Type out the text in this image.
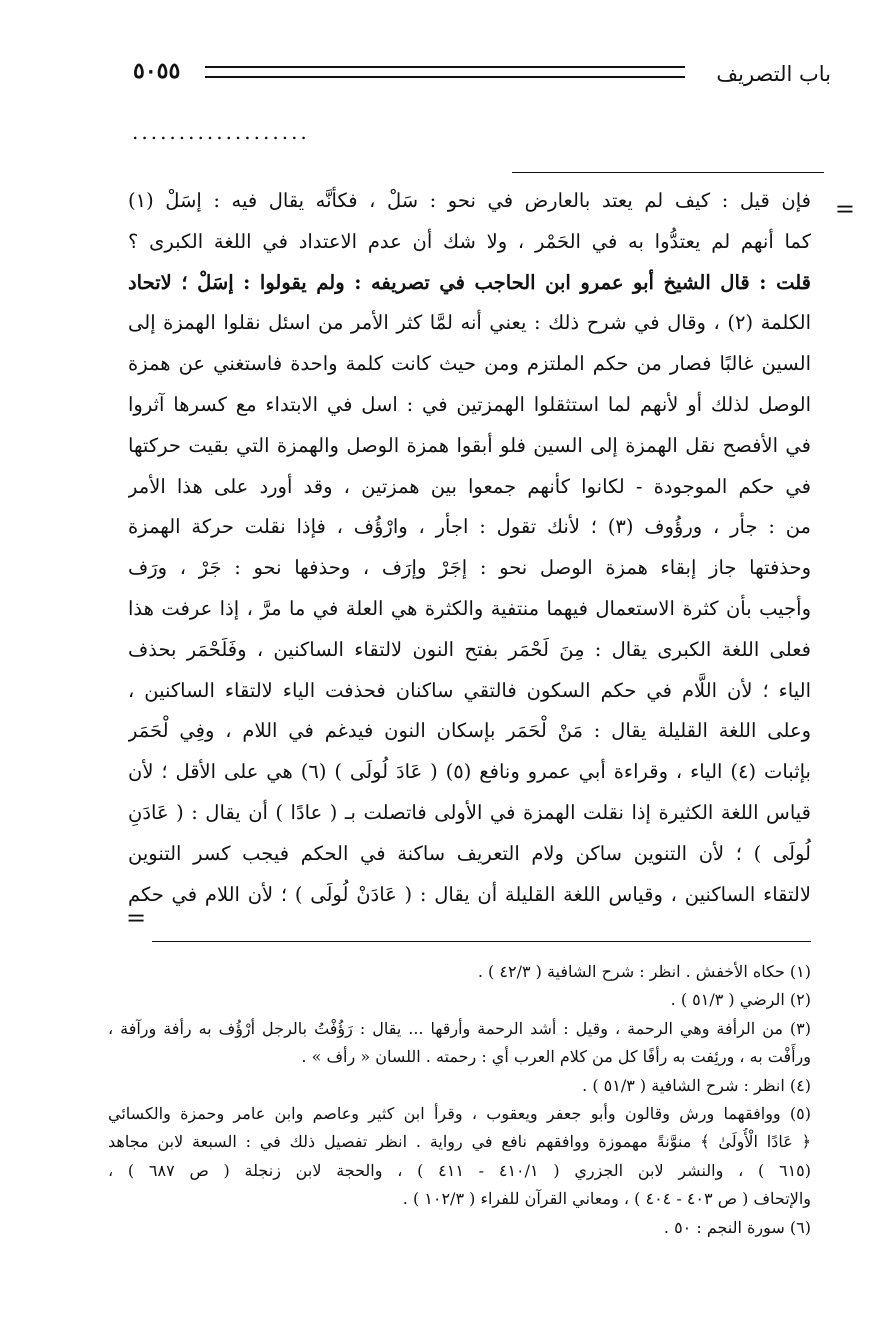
باب التصريف
٥٠٥٥
...................
=
فإن قيل : كيف لم يعتد بالعارض في نحو : سَلْ ، فكأنَّه يقال فيه : إسَلْ (١)
كما أنهم لم يعتدُّوا به في الحَمْر ، ولا شك أن عدم الاعتداد في اللغة الكبرى ؟
قلت : قال الشيخ أبو عمرو ابن الحاجب في تصريفه : ولم يقولوا : إسَلْ ؛ لاتحاد
الكلمة (٢) ، وقال في شرح ذلك : يعني أنه لمَّا كثر الأمر من اسئل نقلوا الهمزة إلى
السين غالبًا فصار من حكم الملتزم ومن حيث كانت كلمة واحدة فاستغني عن همزة
الوصل لذلك أو لأنهم لما استثقلوا الهمزتين في : اسل في الابتداء مع كسرها آثروا
في الأفصح نقل الهمزة إلى السين فلو أبقوا همزة الوصل والهمزة التي بقيت حركتها
في حكم الموجودة - لكانوا كأنهم جمعوا بين همزتين ، وقد أورد على هذا الأمر
من : جأر ، ورؤُوف (٣) ؛ لأنك تقول : اجأر ، وارْؤُف ، فإذا نقلت حركة الهمزة
وحذفتها جاز إبقاء همزة الوصل نحو : إجَرْ وإرَف ، وحذفها نحو : جَرْ ، ورَف
وأجيب بأن كثرة الاستعمال فيهما منتفية والكثرة هي العلة في ما مرَّ ، إذا عرفت هذا
فعلى اللغة الكبرى يقال : مِنَ لَحْمَر بفتح النون لالتقاء الساكنين ، وفَلَحْمَر بحذف
الياء ؛ لأن اللَّام في حكم السكون فالتقي ساكنان فحذفت الياء لالتقاء الساكنين ،
وعلى اللغة القليلة يقال : مَنْ لْحَمَر بإسكان النون فيدغم في اللام ، وفِي لْحَمَر
بإثبات (٤) الياء ، وقراءة أبي عمرو ونافع (٥) ( عَادَ لُولَى ) (٦) هي على الأقل ؛ لأن
قياس اللغة الكثيرة إذا نقلت الهمزة في الأولى فاتصلت بـ ( عادًا ) أن يقال : ( عَادَنِ
لُولَى ) ؛ لأن التنوين ساكن ولام التعريف ساكنة في الحكم فيجب كسر التنوين
لالتقاء الساكنين ، وقياس اللغة القليلة أن يقال : ( عَادَنْ لُولَى ) ؛ لأن اللام في حكم
=
(١) حكاه الأخفش . انظر : شرح الشافية ( ٤٢/٣ ) .
(٢) الرضي ( ٥١/٣ ) .
(٣) من الرأفة وهي الرحمة ، وقيل : أشد الرحمة وأرقها ... يقال : رَؤُفْتُ بالرجل أرْؤُف به رأفة ورآفة ،
ورأَفْت به ، ورئِفت به رأفًا كل من كلام العرب أي : رحمته . اللسان « رأف » .
(٤) انظر : شرح الشافية ( ٥١/٣ ) .
(٥) ووافقهما ورش وقالون وأبو جعفر ويعقوب ، وقرأ ابن كثير وعاصم وابن عامر وحمزة والكسائي
﴿ عَادًا الْأُولَىٰ ﴾ منوَّنةً مهموزة ووافقهم نافع في رواية . انظر تفصيل ذلك في : السبعة لابن مجاهد
(٦١٥ ) ، والنشر لابن الجزري ( ٤١٠/١ - ٤١١ ) ، والحجة لابن زنجلة ( ص ٦٨٧ ) ،
والإتحاف ( ص ٤٠٣ - ٤٠٤ ) ، ومعاني القرآن للفراء ( ١٠٢/٣ ) .
(٦) سورة النجم : ٥٠ .
